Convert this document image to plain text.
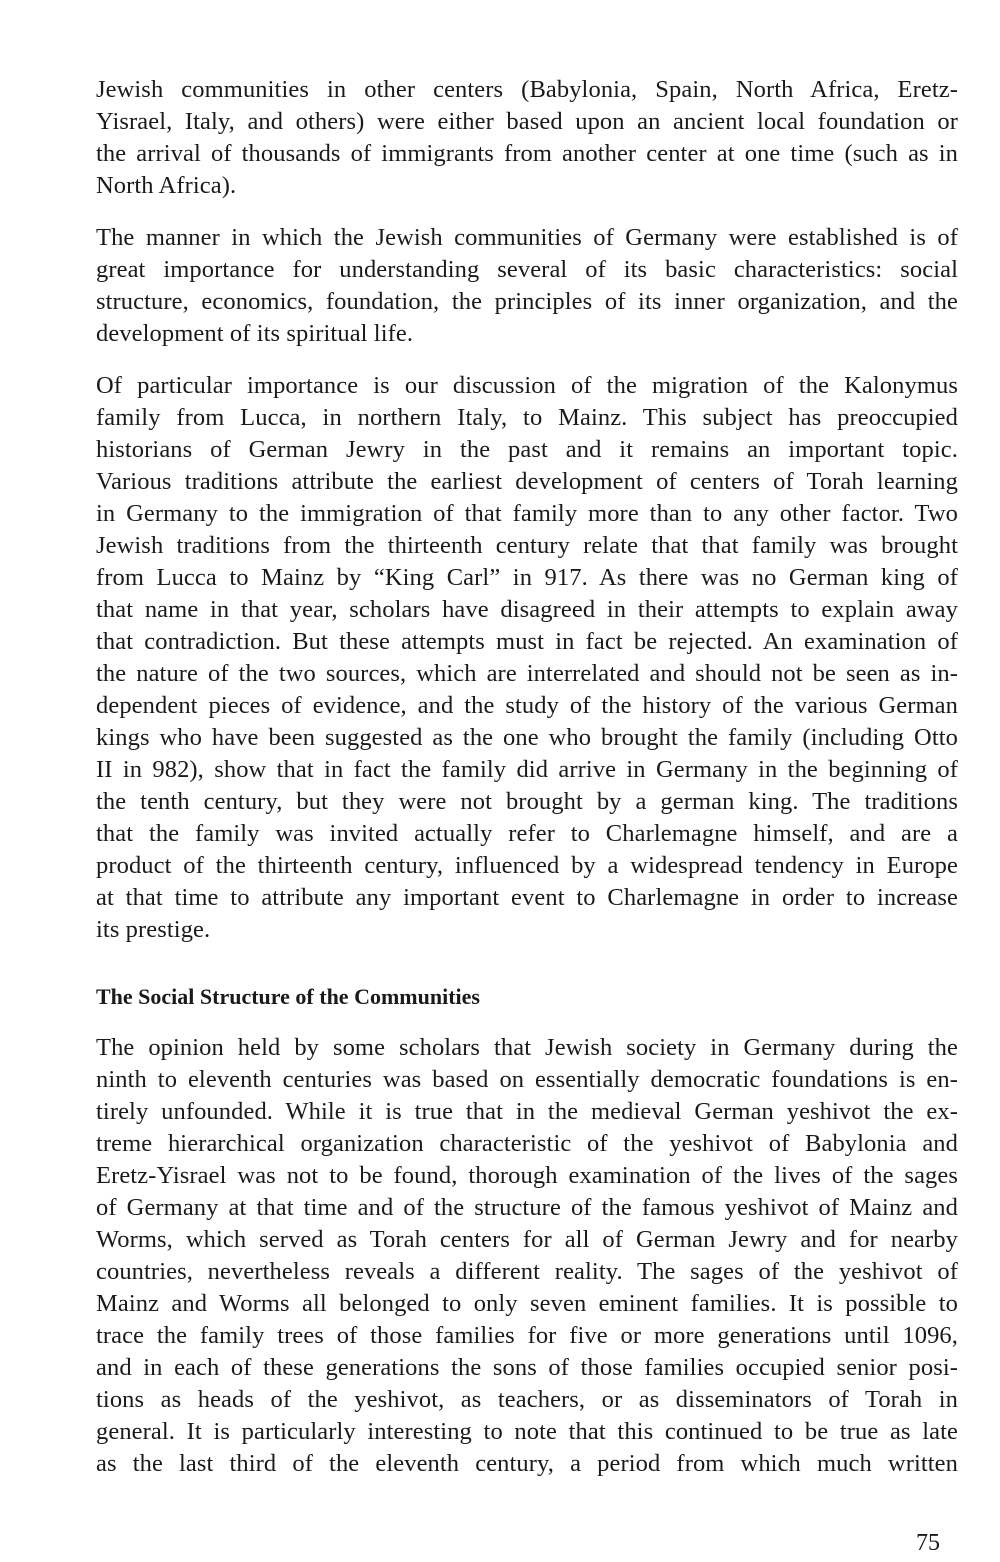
Jewish communities in other centers (Babylonia, Spain, North Africa, Eretz-
Yisrael, Italy, and others) were either based upon an ancient local foundation or
the arrival of thousands of immigrants from another center at one time (such as in
North Africa).
The manner in which the Jewish communities of Germany were established is of
great importance for understanding several of its basic characteristics: social
structure, economics, foundation, the principles of its inner organization, and the
development of its spiritual life.
Of particular importance is our discussion of the migration of the Kalonymus
family from Lucca, in northern Italy, to Mainz. This subject has preoccupied
historians of German Jewry in the past and it remains an important topic.
Various traditions attribute the earliest development of centers of Torah learning
in Germany to the immigration of that family more than to any other factor. Two
Jewish traditions from the thirteenth century relate that that family was brought
from Lucca to Mainz by “King Carl” in 917. As there was no German king of
that name in that year, scholars have disagreed in their attempts to explain away
that contradiction. But these attempts must in fact be rejected. An examination of
the nature of the two sources, which are interrelated and should not be seen as in-
dependent pieces of evidence, and the study of the history of the various German
kings who have been suggested as the one who brought the family (including Otto
II in 982), show that in fact the family did arrive in Germany in the beginning of
the tenth century, but they were not brought by a german king. The traditions
that the family was invited actually refer to Charlemagne himself, and are a
product of the thirteenth century, influenced by a widespread tendency in Europe
at that time to attribute any important event to Charlemagne in order to increase
its prestige.
The Social Structure of the Communities
The opinion held by some scholars that Jewish society in Germany during the
ninth to eleventh centuries was based on essentially democratic foundations is en-
tirely unfounded. While it is true that in the medieval German yeshivot the ex-
treme hierarchical organization characteristic of the yeshivot of Babylonia and
Eretz-Yisrael was not to be found, thorough examination of the lives of the sages
of Germany at that time and of the structure of the famous yeshivot of Mainz and
Worms, which served as Torah centers for all of German Jewry and for nearby
countries, nevertheless reveals a different reality. The sages of the yeshivot of
Mainz and Worms all belonged to only seven eminent families. It is possible to
trace the family trees of those families for five or more generations until 1096,
and in each of these generations the sons of those families occupied senior posi-
tions as heads of the yeshivot, as teachers, or as disseminators of Torah in
general. It is particularly interesting to note that this continued to be true as late
as the last third of the eleventh century, a period from which much written
75
